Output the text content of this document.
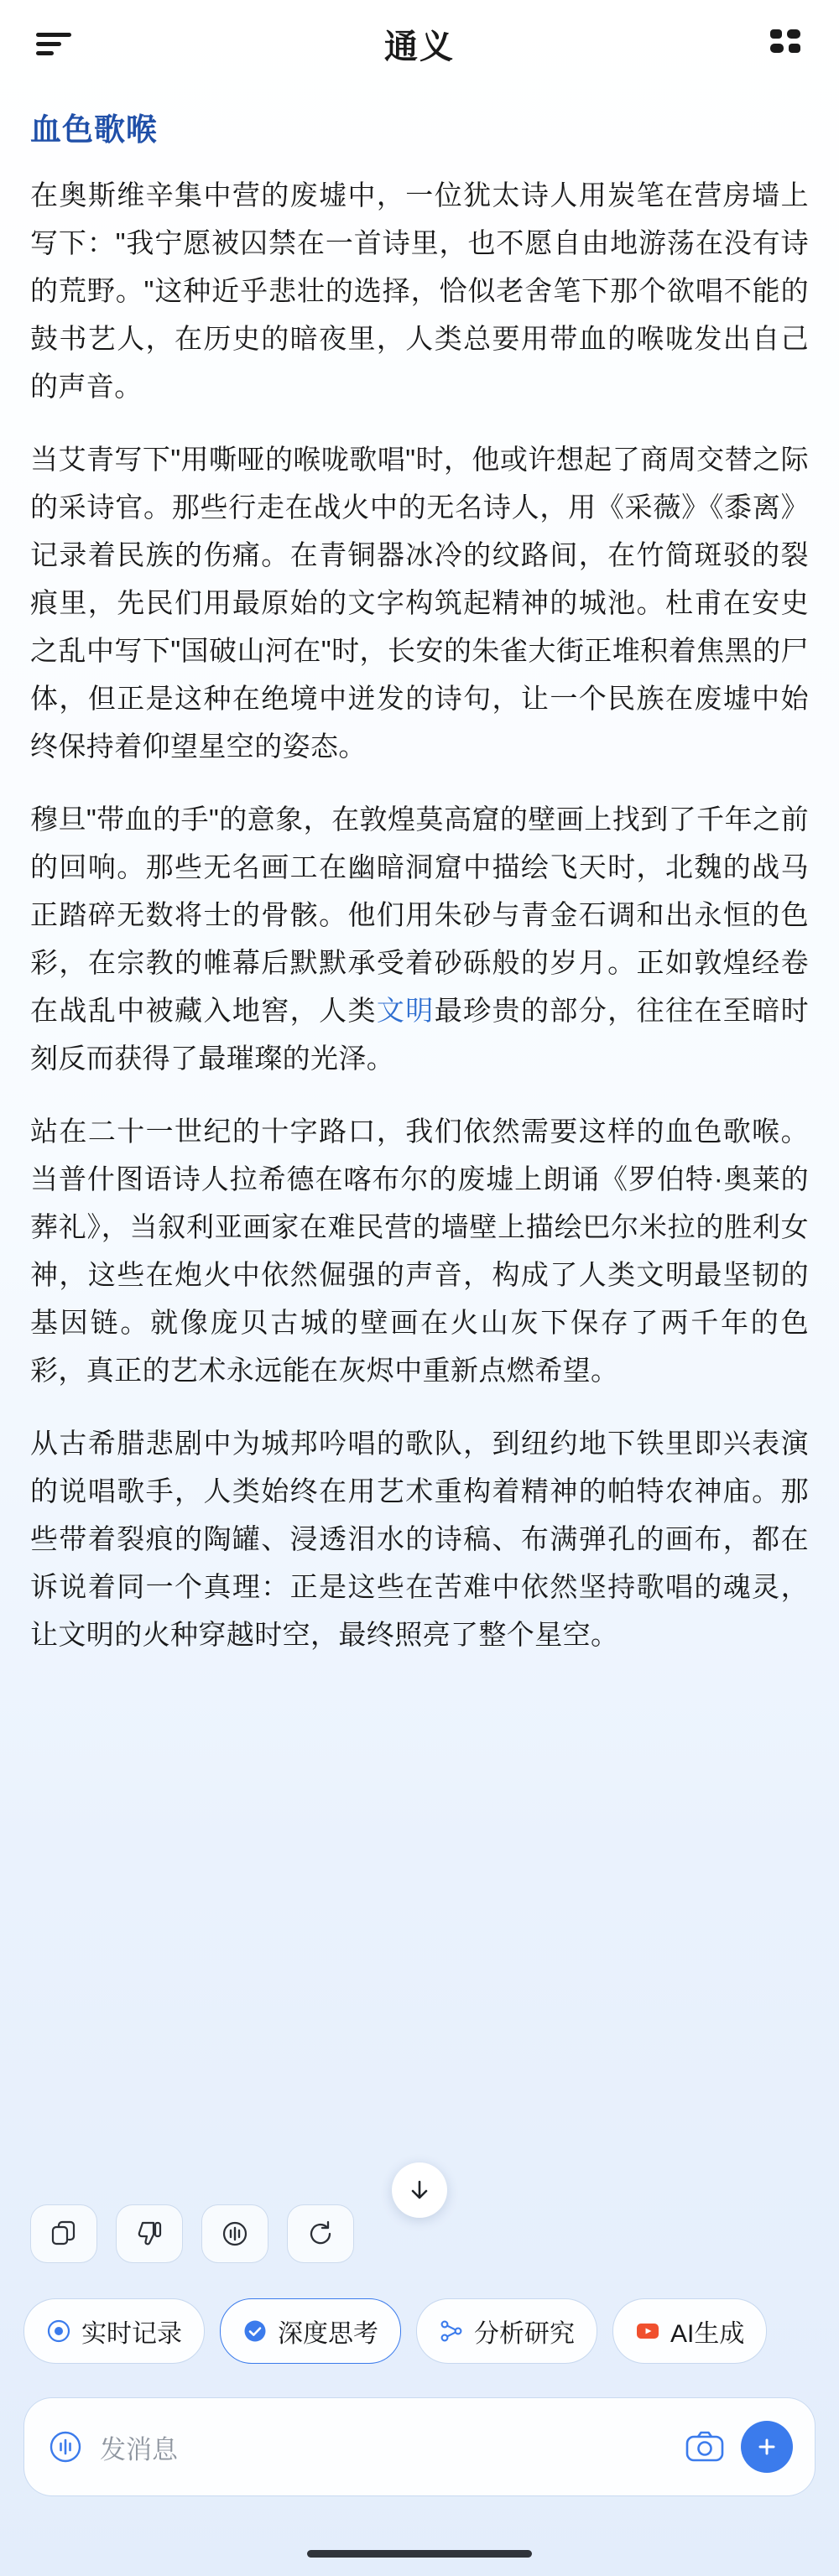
通义
血色歌喉

在奥斯维辛集中营的废墟中，一位犹太诗人用炭笔在营房墙上写下："我宁愿被囚禁在一首诗里，也不愿自由地游荡在没有诗的荒野。"这种近乎悲壮的选择，恰似老舍笔下那个欲唱不能的鼓书艺人，在历史的暗夜里，人类总要用带血的喉咙发出自己的声音。

当艾青写下"用嘶哑的喉咙歌唱"时，他或许想起了商周交替之际的采诗官。那些行走在战火中的无名诗人，用《采薇》《黍离》记录着民族的伤痛。在青铜器冰冷的纹路间，在竹简斑驳的裂痕里，先民们用最原始的文字构筑起精神的城池。杜甫在安史之乱中写下"国破山河在"时，长安的朱雀大街正堆积着焦黑的尸体，但正是这种在绝境中迸发的诗句，让一个民族在废墟中始终保持着仰望星空的姿态。

穆旦"带血的手"的意象，在敦煌莫高窟的壁画上找到了千年之前的回响。那些无名画工在幽暗洞窟中描绘飞天时，北魏的战马正踏碎无数将士的骨骸。他们用朱砂与青金石调和出永恒的色彩，在宗教的帷幕后默默承受着砂砾般的岁月。正如敦煌经卷在战乱中被藏入地窖，人类文明最珍贵的部分，往往在至暗时刻反而获得了最璀璨的光泽。

站在二十一世纪的十字路口，我们依然需要这样的血色歌喉。当普什图语诗人拉希德在喀布尔的废墟上朗诵《罗伯特·奥莱的葬礼》，当叙利亚画家在难民营的墙壁上描绘巴尔米拉的胜利女神，这些在炮火中依然倔强的声音，构成了人类文明最坚韧的基因链。就像庞贝古城的壁画在火山灰下保存了两千年的色彩，真正的艺术永远能在灰烬中重新点燃希望。

从古希腊悲剧中为城邦吟唱的歌队，到纽约地下铁里即兴表演的说唱歌手，人类始终在用艺术重构着精神的帕特农神庙。那些带着裂痕的陶罐、浸透泪水的诗稿、布满弹孔的画布，都在诉说着同一个真理：正是这些在苦难中依然坚持歌唱的魂灵，让文明的火种穿越时空，最终照亮了整个星空。

实时记录	深度思考	分析研究	AI生成
发消息
